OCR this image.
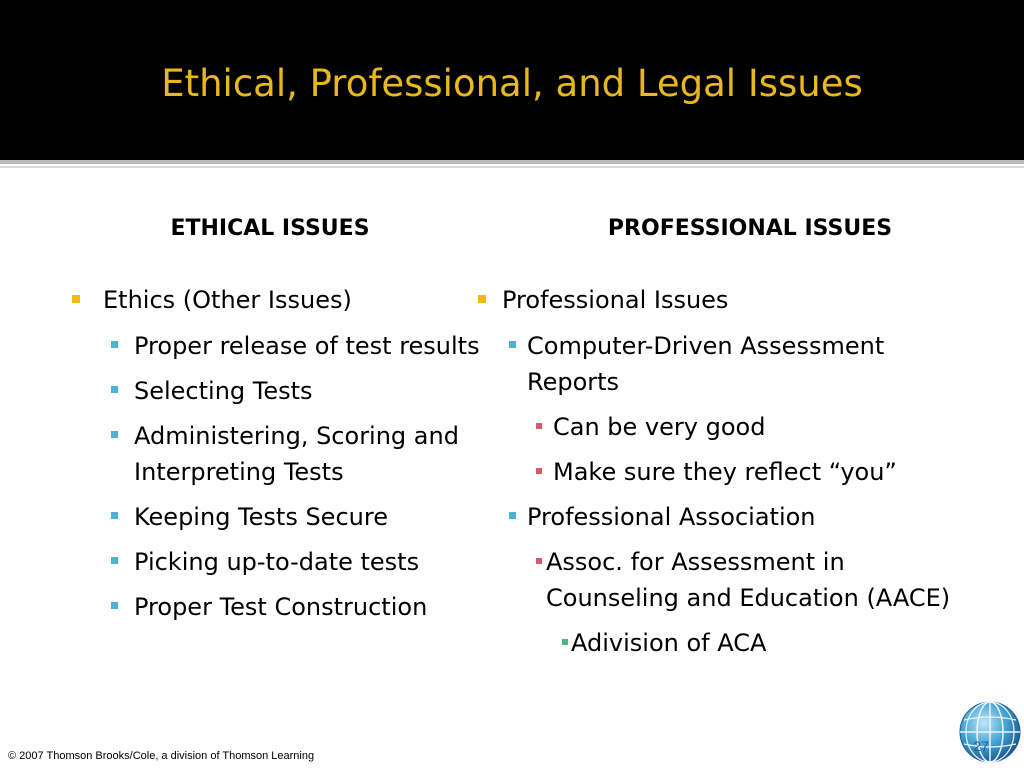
Ethical, Professional, and Legal Issues
ETHICAL ISSUES	PROFESSIONAL ISSUES
Ethics (Other Issues)
Proper release of test results
Selecting Tests
Administering, Scoring and Interpreting Tests
Keeping Tests Secure
Picking up-to-date tests
Proper Test Construction
Professional Issues
Computer-Driven Assessment Reports
Can be very good
Make sure they reflect “you”
Professional Association
Assoc. for Assessment in Counseling and Education (AACE)
Adivision of ACA
© 2007 Thomson Brooks/Cole, a division of Thomson Learning
27
